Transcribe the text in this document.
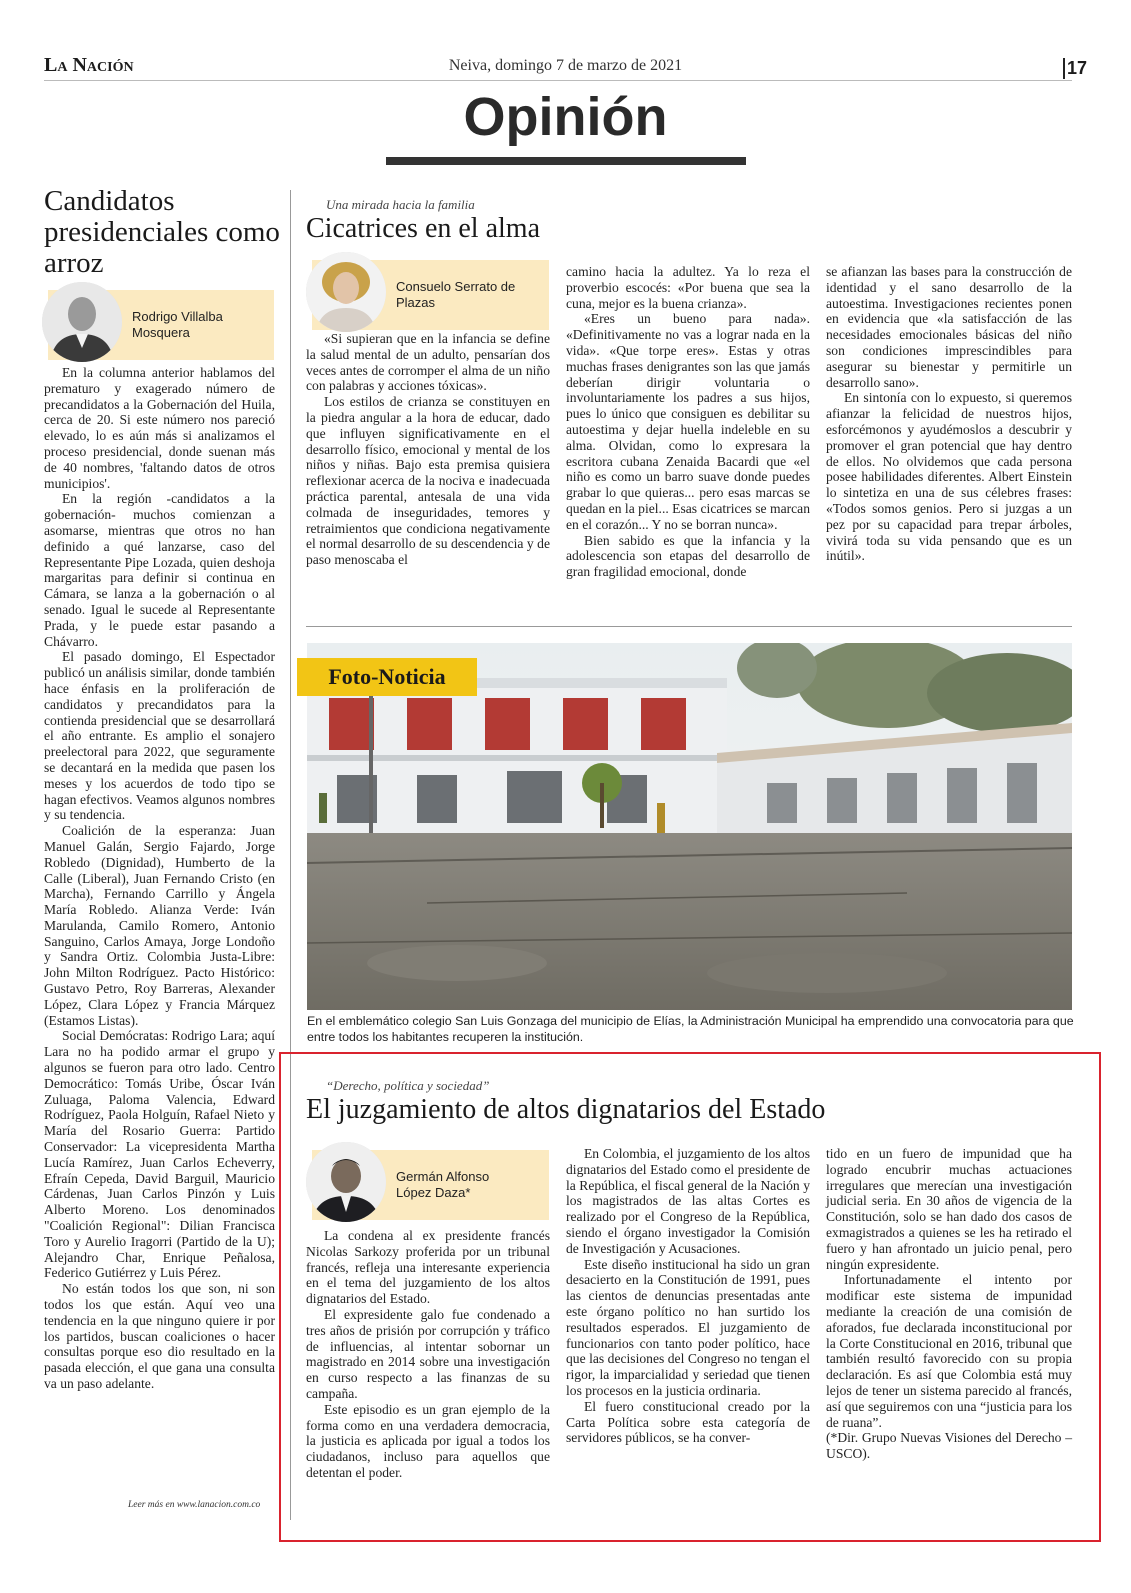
La Nación	Neiva, domingo 7 de marzo de 2021	17
Opinión
Candidatos presidenciales como arroz
Rodrigo Villalba Mosquera

En la columna anterior hablamos del prematuro y exagerado número de precandidatos a la Gobernación del Huila, cerca de 20. Si este número nos pareció elevado, lo es aún más si analizamos el proceso presidencial, donde suenan más de 40 nombres, 'faltando datos de otros municipios'.

En la región -candidatos a la gobernación- muchos comienzan a asomarse, mientras que otros no han definido a qué lanzarse, caso del Representante Pipe Lozada, quien deshoja margaritas para definir si continua en Cámara, se lanza a la gobernación o al senado. Igual le sucede al Representante Prada, y le puede estar pasando a Chávarro.

El pasado domingo, El Espectador publicó un análisis similar, donde también hace énfasis en la proliferación de candidatos y precandidatos para la contienda presidencial que se desarrollará el año entrante. Es amplio el sonajero preelectoral para 2022, que seguramente se decantará en la medida que pasen los meses y los acuerdos de todo tipo se hagan efectivos. Veamos algunos nombres y su tendencia.

Coalición de la esperanza: Juan Manuel Galán, Sergio Fajardo, Jorge Robledo (Dignidad), Humberto de la Calle (Liberal), Juan Fernando Cristo (en Marcha), Fernando Carrillo y Ángela María Robledo. Alianza Verde: Iván Marulanda, Camilo Romero, Antonio Sanguino, Carlos Amaya, Jorge Londoño y Sandra Ortiz. Colombia Justa-Libre: John Milton Rodríguez. Pacto Histórico: Gustavo Petro, Roy Barreras, Alexander López, Clara López y Francia Márquez (Estamos Listas).

Social Demócratas: Rodrigo Lara; aquí Lara no ha podido armar el grupo y algunos se fueron para otro lado. Centro Democrático: Tomás Uribe, Óscar Iván Zuluaga, Paloma Valencia, Edward Rodríguez, Paola Holguín, Rafael Nieto y María del Rosario Guerra: Partido Conservador: La vicepresidenta Martha Lucía Ramírez, Juan Carlos Echeverry, Efraín Cepeda, David Barguil, Mauricio Cárdenas, Juan Carlos Pinzón y Luis Alberto Moreno. Los denominados "Coalición Regional": Dilian Francisca Toro y Aurelio Iragorri (Partido de la U); Alejandro Char, Enrique Peñalosa, Federico Gutiérrez y Luis Pérez.

No están todos los que son, ni son todos los que están. Aquí veo una tendencia en la que ninguno quiere ir por los partidos, buscan coaliciones o hacer consultas porque eso dio resultado en la pasada elección, el que gana una consulta va un paso adelante.

Leer más en www.lanacion.com.co
Una mirada hacia la familia
Cicatrices en el alma
Consuelo Serrato de Plazas

«Si supieran que en la infancia se define la salud mental de un adulto, pensarían dos veces antes de corromper el alma de un niño con palabras y acciones tóxicas».

Los estilos de crianza se constituyen en la piedra angular a la hora de educar, dado que influyen significativamente en el desarrollo físico, emocional y mental de los niños y niñas. Bajo esta premisa quisiera reflexionar acerca de la nociva e inadecuada práctica parental, antesala de una vida colmada de inseguridades, temores y retraimientos que condiciona negativamente el normal desarrollo de su descendencia y de paso menoscaba el

camino hacia la adultez. Ya lo reza el proverbio escocés: «Por buena que sea la cuna, mejor es la buena crianza».

«Eres un bueno para nada». «Definitivamente no vas a lograr nada en la vida». «Que torpe eres». Estas y otras muchas frases denigrantes son las que jamás deberían dirigir voluntaria o involuntariamente los padres a sus hijos, pues lo único que consiguen es debilitar su autoestima y dejar huella indeleble en su alma. Olvidan, como lo expresara la escritora cubana Zenaida Bacardi que «el niño es como un barro suave donde puedes grabar lo que quieras... pero esas marcas se quedan en la piel... Esas cicatrices se marcan en el corazón... Y no se borran nunca».

Bien sabido es que la infancia y la adolescencia son etapas del desarrollo de gran fragilidad emocional, donde

se afianzan las bases para la construcción de identidad y el sano desarrollo de la autoestima. Investigaciones recientes ponen en evidencia que «la satisfacción de las necesidades emocionales básicas del niño son condiciones imprescindibles para asegurar su bienestar y permitirle un desarrollo sano».

En sintonía con lo expuesto, si queremos afianzar la felicidad de nuestros hijos, esforcémonos y ayudémoslos a descubrir y promover el gran potencial que hay dentro de ellos. No olvidemos que cada persona posee habilidades diferentes. Albert Einstein lo sintetiza en una de sus célebres frases: «Todos somos genios. Pero si juzgas a un pez por su capacidad para trepar árboles, vivirá toda su vida pensando que es un inútil».

Foto-Noticia
En el emblemático colegio San Luis Gonzaga del municipio de Elías, la Administración Municipal ha emprendido una convocatoria para que entre todos los habitantes recuperen la institución.
“Derecho, política y sociedad”
El juzgamiento de altos dignatarios del Estado
Germán Alfonso López Daza*

La condena al ex presidente francés Nicolas Sarkozy proferida por un tribunal francés, refleja una interesante experiencia en el tema del juzgamiento de los altos dignatarios del Estado.

El expresidente galo fue condenado a tres años de prisión por corrupción y tráfico de influencias, al intentar sobornar un magistrado en 2014 sobre una investigación en curso respecto a las finanzas de su campaña.

Este episodio es un gran ejemplo de la forma como en una verdadera democracia, la justicia es aplicada por igual a todos los ciudadanos, incluso para aquellos que detentan el poder.

En Colombia, el juzgamiento de los altos dignatarios del Estado como el presidente de la República, el fiscal general de la Nación y los magistrados de las altas Cortes es realizado por el Congreso de la República, siendo el órgano investigador la Comisión de Investigación y Acusaciones.

Este diseño institucional ha sido un gran desacierto en la Constitución de 1991, pues las cientos de denuncias presentadas ante este órgano político no han surtido los resultados esperados. El juzgamiento de funcionarios con tanto poder político, hace que las decisiones del Congreso no tengan el rigor, la imparcialidad y seriedad que tienen los procesos en la justicia ordinaria.

El fuero constitucional creado por la Carta Política sobre esta categoría de servidores públicos, se ha conver-

tido en un fuero de impunidad que ha logrado encubrir muchas actuaciones irregulares que merecían una investigación judicial seria. En 30 años de vigencia de la Constitución, solo se han dado dos casos de exmagistrados a quienes se les ha retirado el fuero y han afrontado un juicio penal, pero ningún expresidente.

Infortunadamente el intento por modificar este sistema de impunidad mediante la creación de una comisión de aforados, fue declarada inconstitucional por la Corte Constitucional en 2016, tribunal que también resultó favorecido con su propia declaración. Es así que Colombia está muy lejos de tener un sistema parecido al francés, así que seguiremos con una “justicia para los de ruana”.

(*Dir. Grupo Nuevas Visiones del Derecho – USCO).
